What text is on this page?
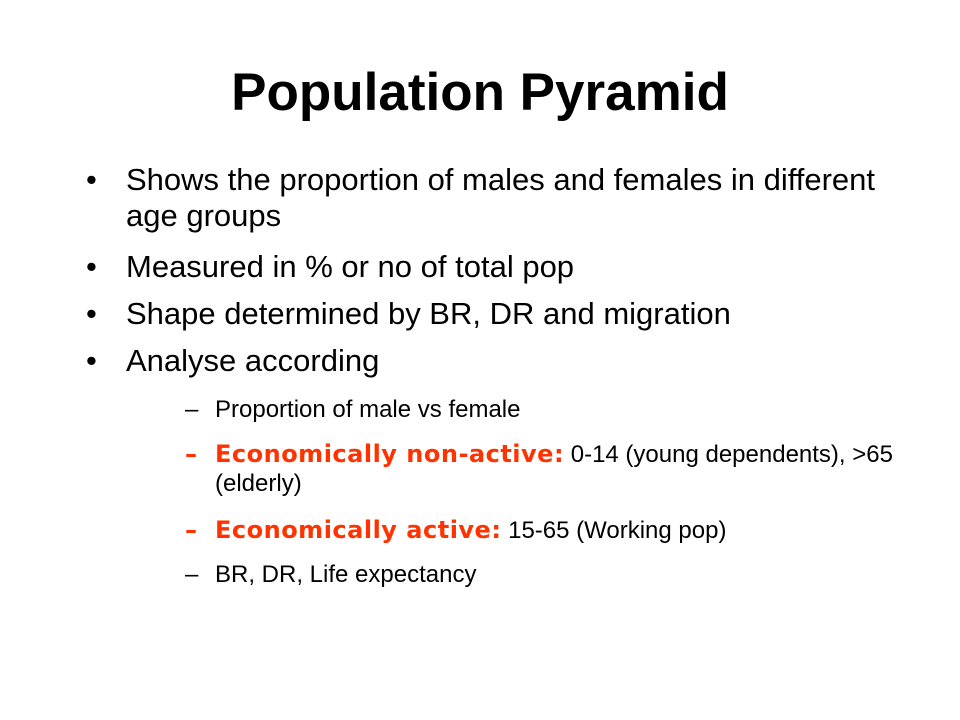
Population Pyramid
• Shows the proportion of males and females in different age groups
• Measured in % or no of total pop
• Shape determined by BR, DR and migration
• Analyse according
– Proportion of male vs female
– Economically non-active: 0-14 (young dependents), >65 (elderly)
– Economically active: 15-65 (Working pop)
– BR, DR, Life expectancy
